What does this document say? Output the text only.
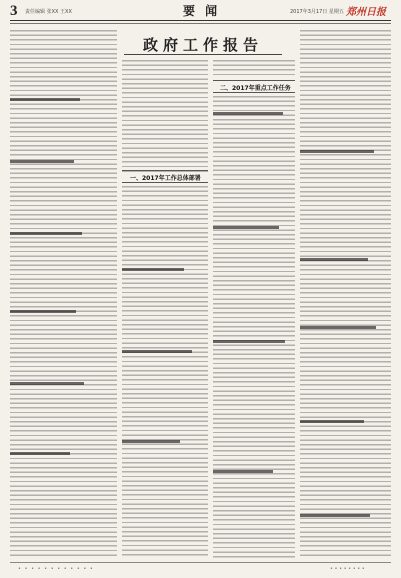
3 责任编辑 张XX 王XX	要 闻	2017年3月17日 星期五 郑州日报
政府工作报告
一、2017年工作总体部署
二、2017年重点工作任务
• • • • • • • • • • • •	• • • • • • • •
